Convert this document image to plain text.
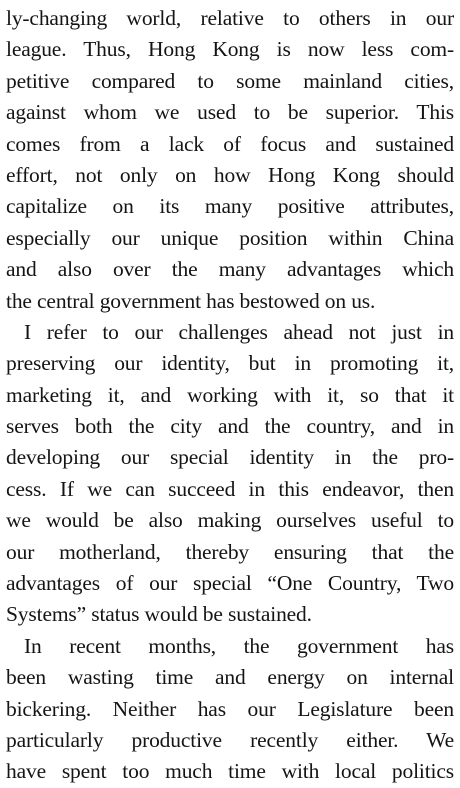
ly-changing world, relative to others in our
league. Thus, Hong Kong is now less com-
petitive compared to some mainland cities,
against whom we used to be superior. This
comes from a lack of focus and sustained
effort, not only on how Hong Kong should
capitalize on its many positive attributes,
especially our unique position within China
and also over the many advantages which
the central government has bestowed on us.
I refer to our challenges ahead not just in
preserving our identity, but in promoting it,
marketing it, and working with it, so that it
serves both the city and the country, and in
developing our special identity in the pro-
cess. If we can succeed in this endeavor, then
we would be also making ourselves useful to
our motherland, thereby ensuring that the
advantages of our special “One Country, Two
Systems” status would be sustained.
In recent months, the government has
been wasting time and energy on internal
bickering. Neither has our Legislature been
particularly productive recently either. We
have spent too much time with local politics
